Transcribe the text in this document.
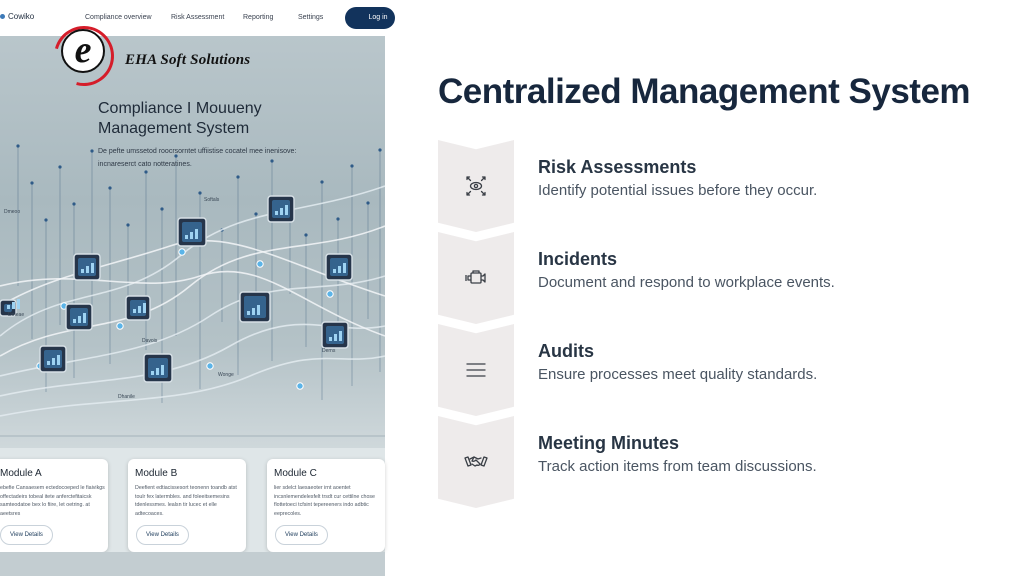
Cowiko	Compliance overview	Risk Assessment	Reporting	Settings	Log in
Compliance I Mouueny
Management System
De pefte umssetod roocrsorntet uffiistise cocatel mee inenisove: incnareserct cato notteratines.
Dmeoo
Softals
Dmeae
Davois
Wonge
Dhanile
Derns
e	EHA Soft Solutions
Module A
ebefie Cansaesem ectedocoeped le fiaivikgs offectadeirs tobeal itete anferctefitaicsk samteodatoe bex lo fiire, let oetring. at aeetsres
View Details
Module B
Deefient edtiacissesort teonenn toandb atst toulr fex latermbles. and foleeitsemesins tdenlessmes. lealsn tir lucec et elle adtecoaces.
View Details
Module C
lier sdelct laesaeoter irnt aoentet incsnlemendelesfelt trsdt cur cettilne chose flottetoeci tcfsint tepereeners indo adbtic eeprecoles.
View Details
Centralized Management System
Risk Assessments
Identify potential issues before they occur.
Incidents
Document and respond to workplace events.
Audits
Ensure processes meet quality standards.
Meeting Minutes
Track action items from team discussions.
